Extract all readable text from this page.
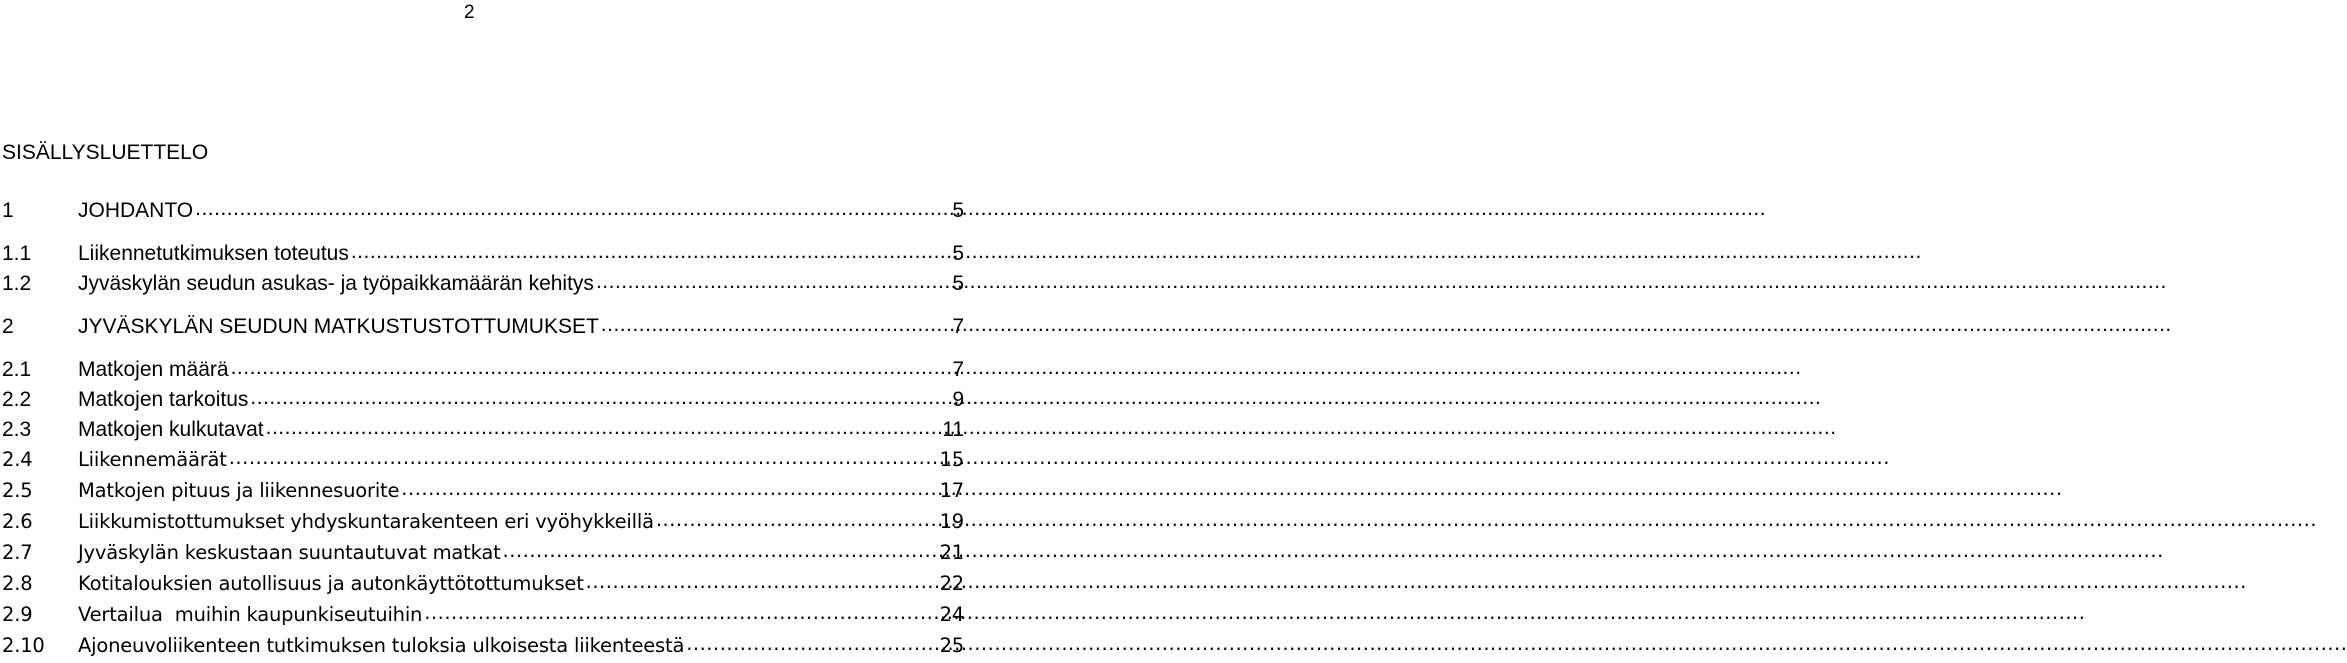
2
SISÄLLYSLUETTELO
1	JOHDANTO .....	5
1.1	Liikennetutkimuksen toteutus .....	5
1.2	Jyväskylän seudun asukas- ja työpaikkamäärän kehitys .....	5
2	JYVÄSKYLÄN SEUDUN MATKUSTUSTOTTUMUKSET .....	7
2.1	Matkojen määrä .....	7
2.2	Matkojen tarkoitus .....	9
2.3	Matkojen kulkutavat .....	11
2.4	Liikennemäärät .....	15
2.5	Matkojen pituus ja liikennesuorite .....	17
2.6	Liikkumistottumukset yhdyskuntarakenteen eri vyöhykkeillä .....	19
2.7	Jyväskylän keskustaan suuntautuvat matkat .....	21
2.8	Kotitalouksien autollisuus ja autonkäyttötottumukset .....	22
2.9	Vertailua  muihin kaupunkiseutuihin .....	24
2.10	Ajoneuvoliikenteen tutkimuksen tuloksia ulkoisesta liikenteestä .....	25
